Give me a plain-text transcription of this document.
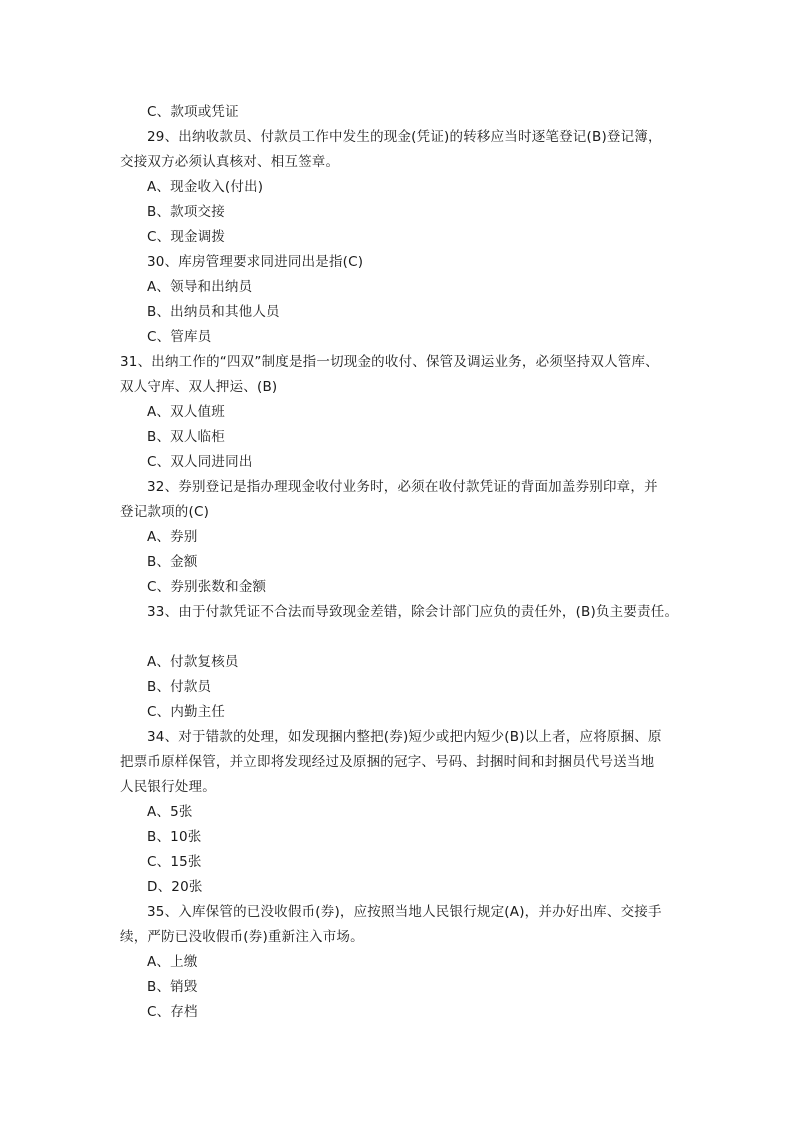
C、款项或凭证
29、出纳收款员、付款员工作中发生的现金(凭证)的转移应当时逐笔登记(B)登记簿，
交接双方必须认真核对、相互签章。
A、现金收入(付出)
B、款项交接
C、现金调拨
30、库房管理要求同进同出是指(C)
A、领导和出纳员
B、出纳员和其他人员
C、管库员
31、出纳工作的“四双”制度是指一切现金的收付、保管及调运业务，必须坚持双人管库、
双人守库、双人押运、(B)
A、双人值班
B、双人临柜
C、双人同进同出
32、券别登记是指办理现金收付业务时，必须在收付款凭证的背面加盖券别印章，并
登记款项的(C)
A、券别
B、金额
C、券别张数和金额
33、由于付款凭证不合法而导致现金差错，除会计部门应负的责任外，(B)负主要责任。
A、付款复核员
B、付款员
C、内勤主任
34、对于错款的处理，如发现捆内整把(券)短少或把内短少(B)以上者，应将原捆、原
把票币原样保管，并立即将发现经过及原捆的冠字、号码、封捆时间和封捆员代号送当地
人民银行处理。
A、5张
B、10张
C、15张
D、20张
35、入库保管的已没收假币(券)，应按照当地人民银行规定(A)，并办好出库、交接手
续，严防已没收假币(券)重新注入市场。
A、上缴
B、销毁
C、存档
